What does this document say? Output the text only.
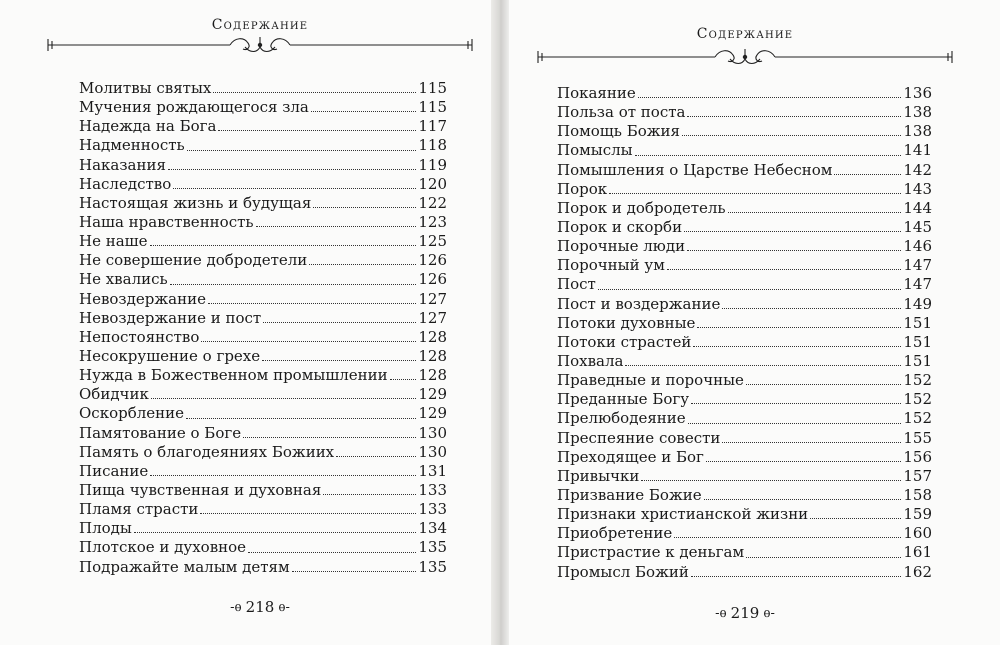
Содержание
Молитвы святых	115
Мучения рождающегося зла	115
Надежда на Бога	117
Надменность	118
Наказания	119
Наследство	120
Настоящая жизнь и будущая	122
Наша нравственность	123
Не наше	125
Не совершение добродетели	126
Не хвались	126
Невоздержание	127
Невоздержание и пост	127
Непостоянство	128
Несокрушение о грехе	128
Нужда в Божественном промышлении 128
Обидчик	129
Оскорбление	129
Памятование о Боге	130
Память о благодеяниях Божиих	130
Писание	131
Пища чувственная и духовная	133
Пламя страсти	133
Плоды	134
Плотское и духовное	135
Подражайте малым детям	135
-ѳ 218 ѳ-
Содержание
Покаяние	136
Польза от поста	138
Помощь Божия	138
Помыслы	141
Помышления о Царстве Небесном	142
Порок	143
Порок и добродетель	144
Порок и скорби	145
Порочные люди	146
Порочный ум	147
Пост	147
Пост и воздержание	149
Потоки духовные	151
Потоки страстей	151
Похвала	151
Праведные и порочные	152
Преданные Богу	152
Прелюбодеяние	152
Преспеяние совести	155
Преходящее и Бог	156
Привычки	157
Призвание Божие	158
Признаки христианской жизни	159
Приобретение	160
Пристрастие к деньгам	161
Промысл Божий	162
-ѳ 219 ѳ-
